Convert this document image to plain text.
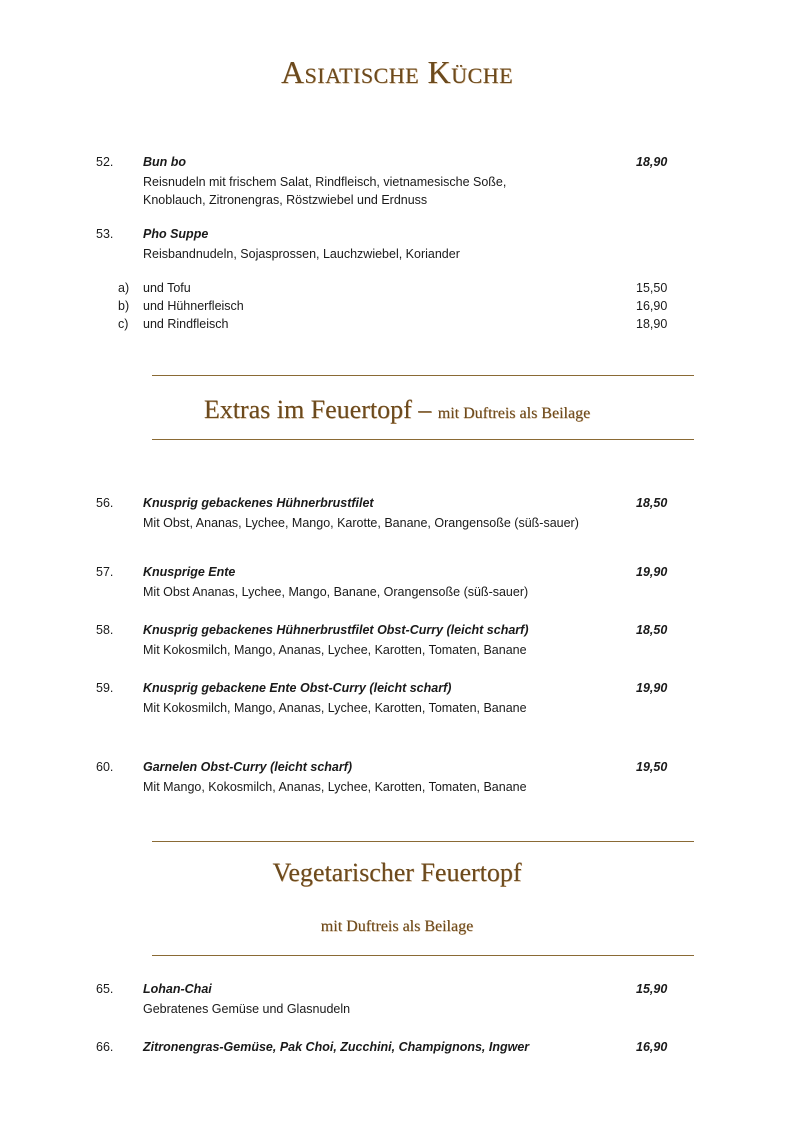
Asiatische Küche
52. Bun bo	18,90
Reisnudeln mit frischem Salat, Rindfleisch, vietnamesische Soße,
Knoblauch, Zitronengras, Röstzwiebel und Erdnuss
53. Pho Suppe
Reisbandnudeln, Sojasprossen, Lauchzwiebel, Koriander
a) und Tofu	15,50
b) und Hühnerfleisch	16,90
c) und Rindfleisch	18,90
Extras im Feuertopf – mit Duftreis als Beilage
56. Knusprig gebackenes Hühnerbrustfilet	18,50
Mit Obst, Ananas, Lychee, Mango, Karotte, Banane, Orangensoße (süß-sauer)
57. Knusprige Ente	19,90
Mit Obst Ananas, Lychee, Mango, Banane, Orangensoße (süß-sauer)
58. Knusprig gebackenes Hühnerbrustfilet Obst-Curry (leicht scharf)	18,50
Mit Kokosmilch, Mango, Ananas, Lychee, Karotten, Tomaten, Banane
59. Knusprig gebackene Ente Obst-Curry (leicht scharf)	19,90
Mit Kokosmilch, Mango, Ananas, Lychee, Karotten, Tomaten, Banane
60. Garnelen Obst-Curry (leicht scharf)	19,50
Mit Mango, Kokosmilch, Ananas, Lychee, Karotten, Tomaten, Banane
Vegetarischer Feuertopf
mit Duftreis als Beilage
65. Lohan-Chai	15,90
Gebratenes Gemüse und Glasnudeln
66. Zitronengras-Gemüse, Pak Choi, Zucchini, Champignons, Ingwer	16,90
